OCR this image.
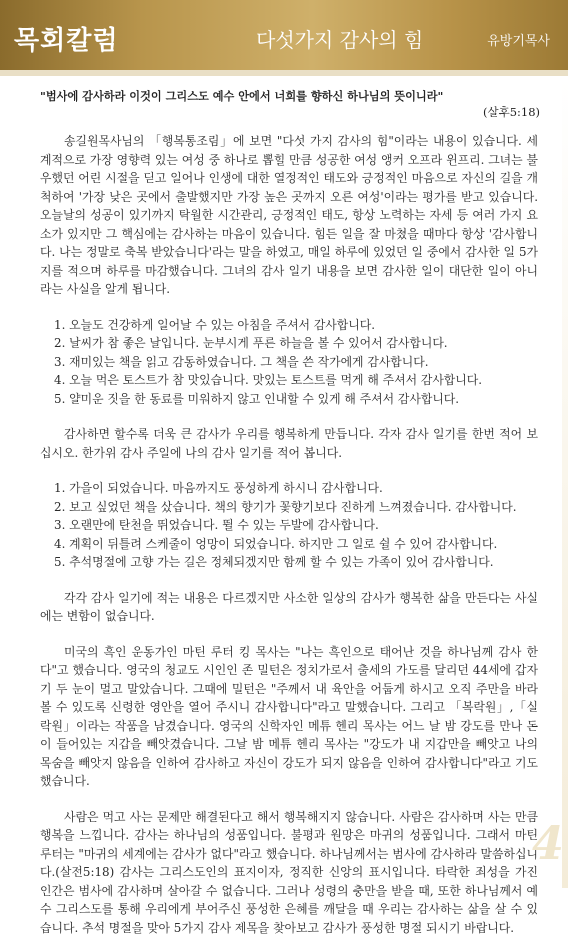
목회칼럼	다섯가지 감사의 힘	유방기목사
"범사에 감사하라 이것이 그리스도 예수 안에서 너희를 향하신 하나님의 뜻이니라"
(살후5:18)

송길원목사님의 「행복통조림」에 보면 "다섯 가지 감사의 힘"이라는 내용이 있습니다. 세계적으로 가장 영향력 있는 여성 중 하나로 뽑힐 만큼 성공한 여성 앵커 오프라 윈프리. 그녀는 불우했던 어린 시절을 딛고 일어나 인생에 대한 열정적인 태도와 긍정적인 마음으로 자신의 길을 개척하여 '가장 낮은 곳에서 출발했지만 가장 높은 곳까지 오른 여성'이라는 평가를 받고 있습니다. 오늘날의 성공이 있기까지 탁월한 시간관리, 긍정적인 태도, 항상 노력하는 자세 등 여러 가지 요소가 있지만 그 핵심에는 감사하는 마음이 있습니다. 힘든 일을 잘 마쳤을 때마다 항상 '감사합니다. 나는 정말로 축복 받았습니다'라는 말을 하였고, 매일 하루에 있었던 일 중에서 감사한 일 5가지를 적으며 하루를 마감했습니다. 그녀의 감사 일기 내용을 보면 감사한 일이 대단한 일이 아니라는 사실을 알게 됩니다.

1. 오늘도 건강하게 일어날 수 있는 아침을 주셔서 감사합니다.
2. 날씨가 참 좋은 날입니다. 눈부시게 푸른 하늘을 볼 수 있어서 감사합니다.
3. 재미있는 책을 읽고 감동하였습니다. 그 책을 쓴 작가에게 감사합니다.
4. 오늘 먹은 토스트가 참 맛있습니다. 맛있는 토스트를 먹게 해 주셔서 감사합니다.
5. 얄미운 짓을 한 동료를 미워하지 않고 인내할 수 있게 해 주셔서 감사합니다.

감사하면 할수록 더욱 큰 감사가 우리를 행복하게 만듭니다. 각자 감사 일기를 한번 적어 보십시오. 한가위 감사 주일에 나의 감사 일기를 적어 봅니다.

1. 가을이 되었습니다. 마음까지도 풍성하게 하시니 감사합니다.
2. 보고 싶었던 책을 샀습니다. 책의 향기가 꽃향기보다 진하게 느껴졌습니다. 감사합니다.
3. 오랜만에 탄천을 뛰었습니다. 뛸 수 있는 두발에 감사합니다.
4. 계획이 뒤틀려 스케줄이 엉망이 되었습니다. 하지만 그 일로 쉴 수 있어 감사합니다.
5. 추석명절에 고향 가는 길은 정체되겠지만 함께 할 수 있는 가족이 있어 감사합니다.

각각 감사 일기에 적는 내용은 다르겠지만 사소한 일상의 감사가 행복한 삶을 만든다는 사실에는 변함이 없습니다.

미국의 흑인 운동가인 마틴 루터 킹 목사는 "나는 흑인으로 태어난 것을 하나님께 감사 한다"고 했습니다. 영국의 청교도 시인인 존 밀턴은 정치가로서 출세의 가도를 달리던 44세에 갑자기 두 눈이 멀고 말았습니다. 그때에 밀턴은 "주께서 내 육안을 어둡게 하시고 오직 주만을 바라볼 수 있도록 신령한 영안을 열어 주시니 감사합니다"라고 말했습니다. 그리고 「복락원」,「실락원」이라는 작품을 남겼습니다. 영국의 신학자인 메튜 헨리 목사는 어느 날 밤 강도를 만나 돈이 들어있는 지갑을 빼앗겼습니다. 그날 밤 메튜 헨리 목사는 "강도가 내 지갑만을 빼앗고 나의 목숨을 빼앗지 않음을 인하여 감사하고 자신이 강도가 되지 않음을 인하여 감사합니다"라고 기도했습니다.

사람은 먹고 사는 문제만 해결된다고 해서 행복해지지 않습니다. 사람은 감사하며 사는 만큼 행복을 느낍니다. 감사는 하나님의 성품입니다. 불평과 원망은 마귀의 성품입니다. 그래서 마틴 루터는 "마귀의 세계에는 감사가 없다"라고 했습니다. 하나님께서는 범사에 감사하라 말씀하십니다.(살전5:18) 감사는 그리스도인의 표지이자, 정직한 신앙의 표시입니다. 타락한 죄성을 가진 인간은 범사에 감사하며 살아갈 수 없습니다. 그러나 성령의 충만을 받을 때, 또한 하나님께서 예수 그리스도를 통해 우리에게 부어주신 풍성한 은혜를 깨달을 때 우리는 감사하는 삶을 살 수 있습니다. 추석 명절을 맞아 5가지 감사 제목을 찾아보고 감사가 풍성한 명절 되시기 바랍니다.

4
